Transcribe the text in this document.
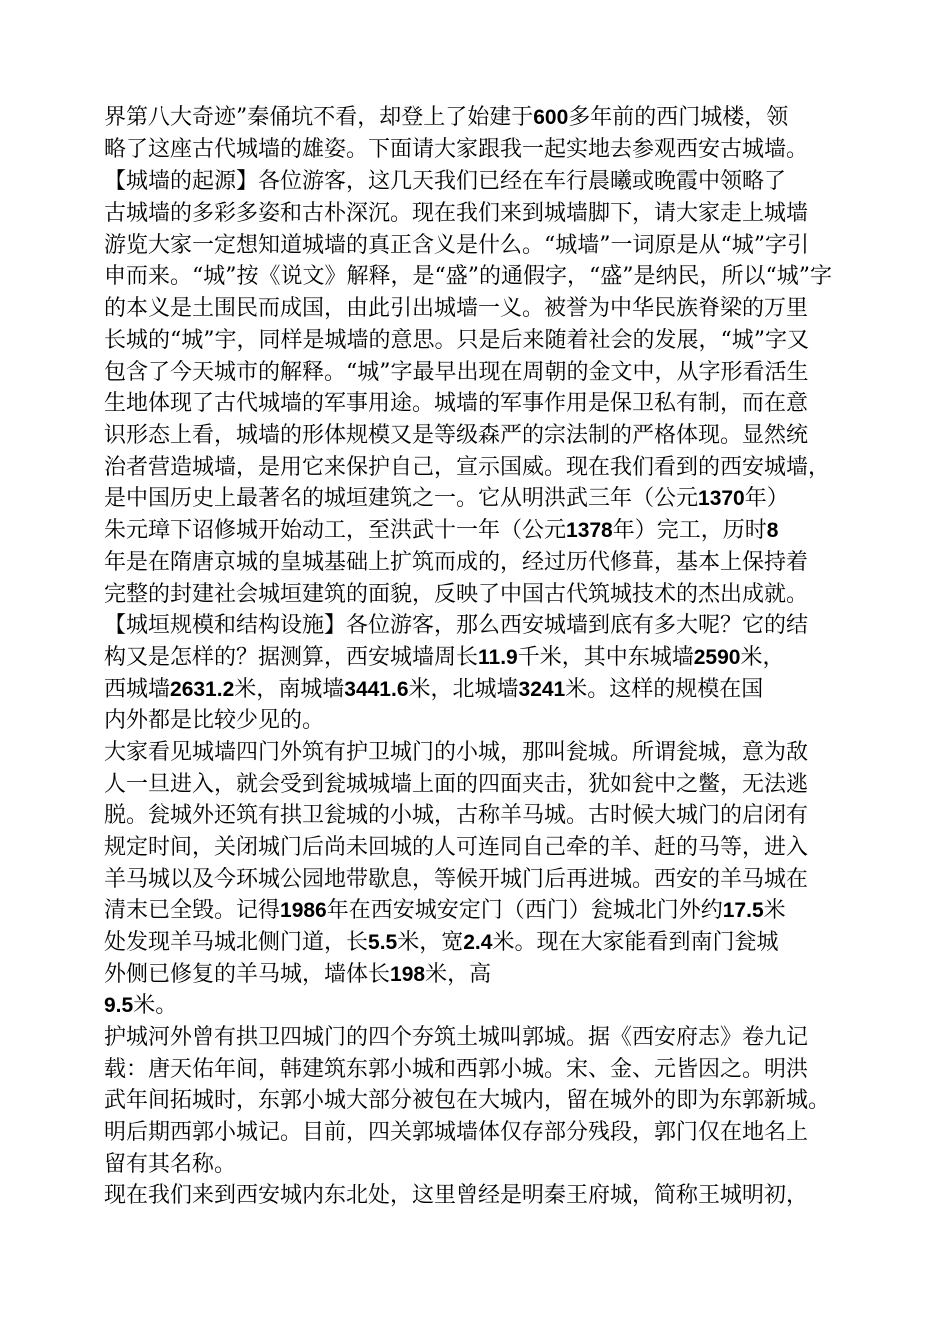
界第八大奇迹”秦俑坑不看，却登上了始建于600多年前的西门城楼，领
略了这座古代城墙的雄姿。下面请大家跟我一起实地去参观西安古城墙。
【城墙的起源】各位游客，这几天我们已经在车行晨曦或晚霞中领略了
古城墙的多彩多姿和古朴深沉。现在我们来到城墙脚下，请大家走上城墙
游览大家一定想知道城墙的真正含义是什么。“城墙”一词原是从“城”字引
申而来。“城”按《说文》解释，是“盛”的通假字，“盛”是纳民，所以“城”字
的本义是土围民而成国，由此引出城墙一义。被誉为中华民族脊梁的万里
长城的“城”宇，同样是城墙的意思。只是后来随着社会的发展，“城”字又
包含了今天城市的解释。“城”字最早出现在周朝的金文中，从字形看活生
生地体现了古代城墙的军事用途。城墙的军事作用是保卫私有制，而在意
识形态上看，城墙的形体规模又是等级森严的宗法制的严格体现。显然统
治者营造城墙，是用它来保护自己，宣示国威。现在我们看到的西安城墙，
是中国历史上最著名的城垣建筑之一。它从明洪武三年（公元1370年）
朱元璋下诏修城开始动工，至洪武十一年（公元1378年）完工，历时8
年是在隋唐京城的皇城基础上扩筑而成的，经过历代修葺，基本上保持着
完整的封建社会城垣建筑的面貌，反映了中国古代筑城技术的杰出成就。
【城垣规模和结构设施】各位游客，那么西安城墙到底有多大呢？它的结
构又是怎样的？据测算，西安城墙周长11.9千米，其中东城墙2590米，
西城墙2631.2米，南城墙3441.6米，北城墙3241米。这样的规模在国
内外都是比较少见的。
大家看见城墙四门外筑有护卫城门的小城，那叫瓮城。所谓瓮城，意为敌
人一旦进入，就会受到瓮城城墙上面的四面夹击，犹如瓮中之鳖，无法逃
脱。瓮城外还筑有拱卫瓮城的小城，古称羊马城。古时候大城门的启闭有
规定时间，关闭城门后尚未回城的人可连同自己牵的羊、赶的马等，进入
羊马城以及今环城公园地带歇息，等候开城门后再进城。西安的羊马城在
清末已全毁。记得1986年在西安城安定门（西门）瓮城北门外约17.5米
处发现羊马城北侧门道，长5.5米，宽2.4米。现在大家能看到南门瓮城
外侧已修复的羊马城，墙体长198米，高
9.5米。
护城河外曾有拱卫四城门的四个夯筑土城叫郭城。据《西安府志》卷九记
载：唐天佑年间，韩建筑东郭小城和西郭小城。宋、金、元皆因之。明洪
武年间拓城时，东郭小城大部分被包在大城内，留在城外的即为东郭新城。
明后期西郭小城记。目前，四关郭城墙体仅存部分残段，郭门仅在地名上
留有其名称。
现在我们来到西安城内东北处，这里曾经是明秦王府城，简称王城明初，
